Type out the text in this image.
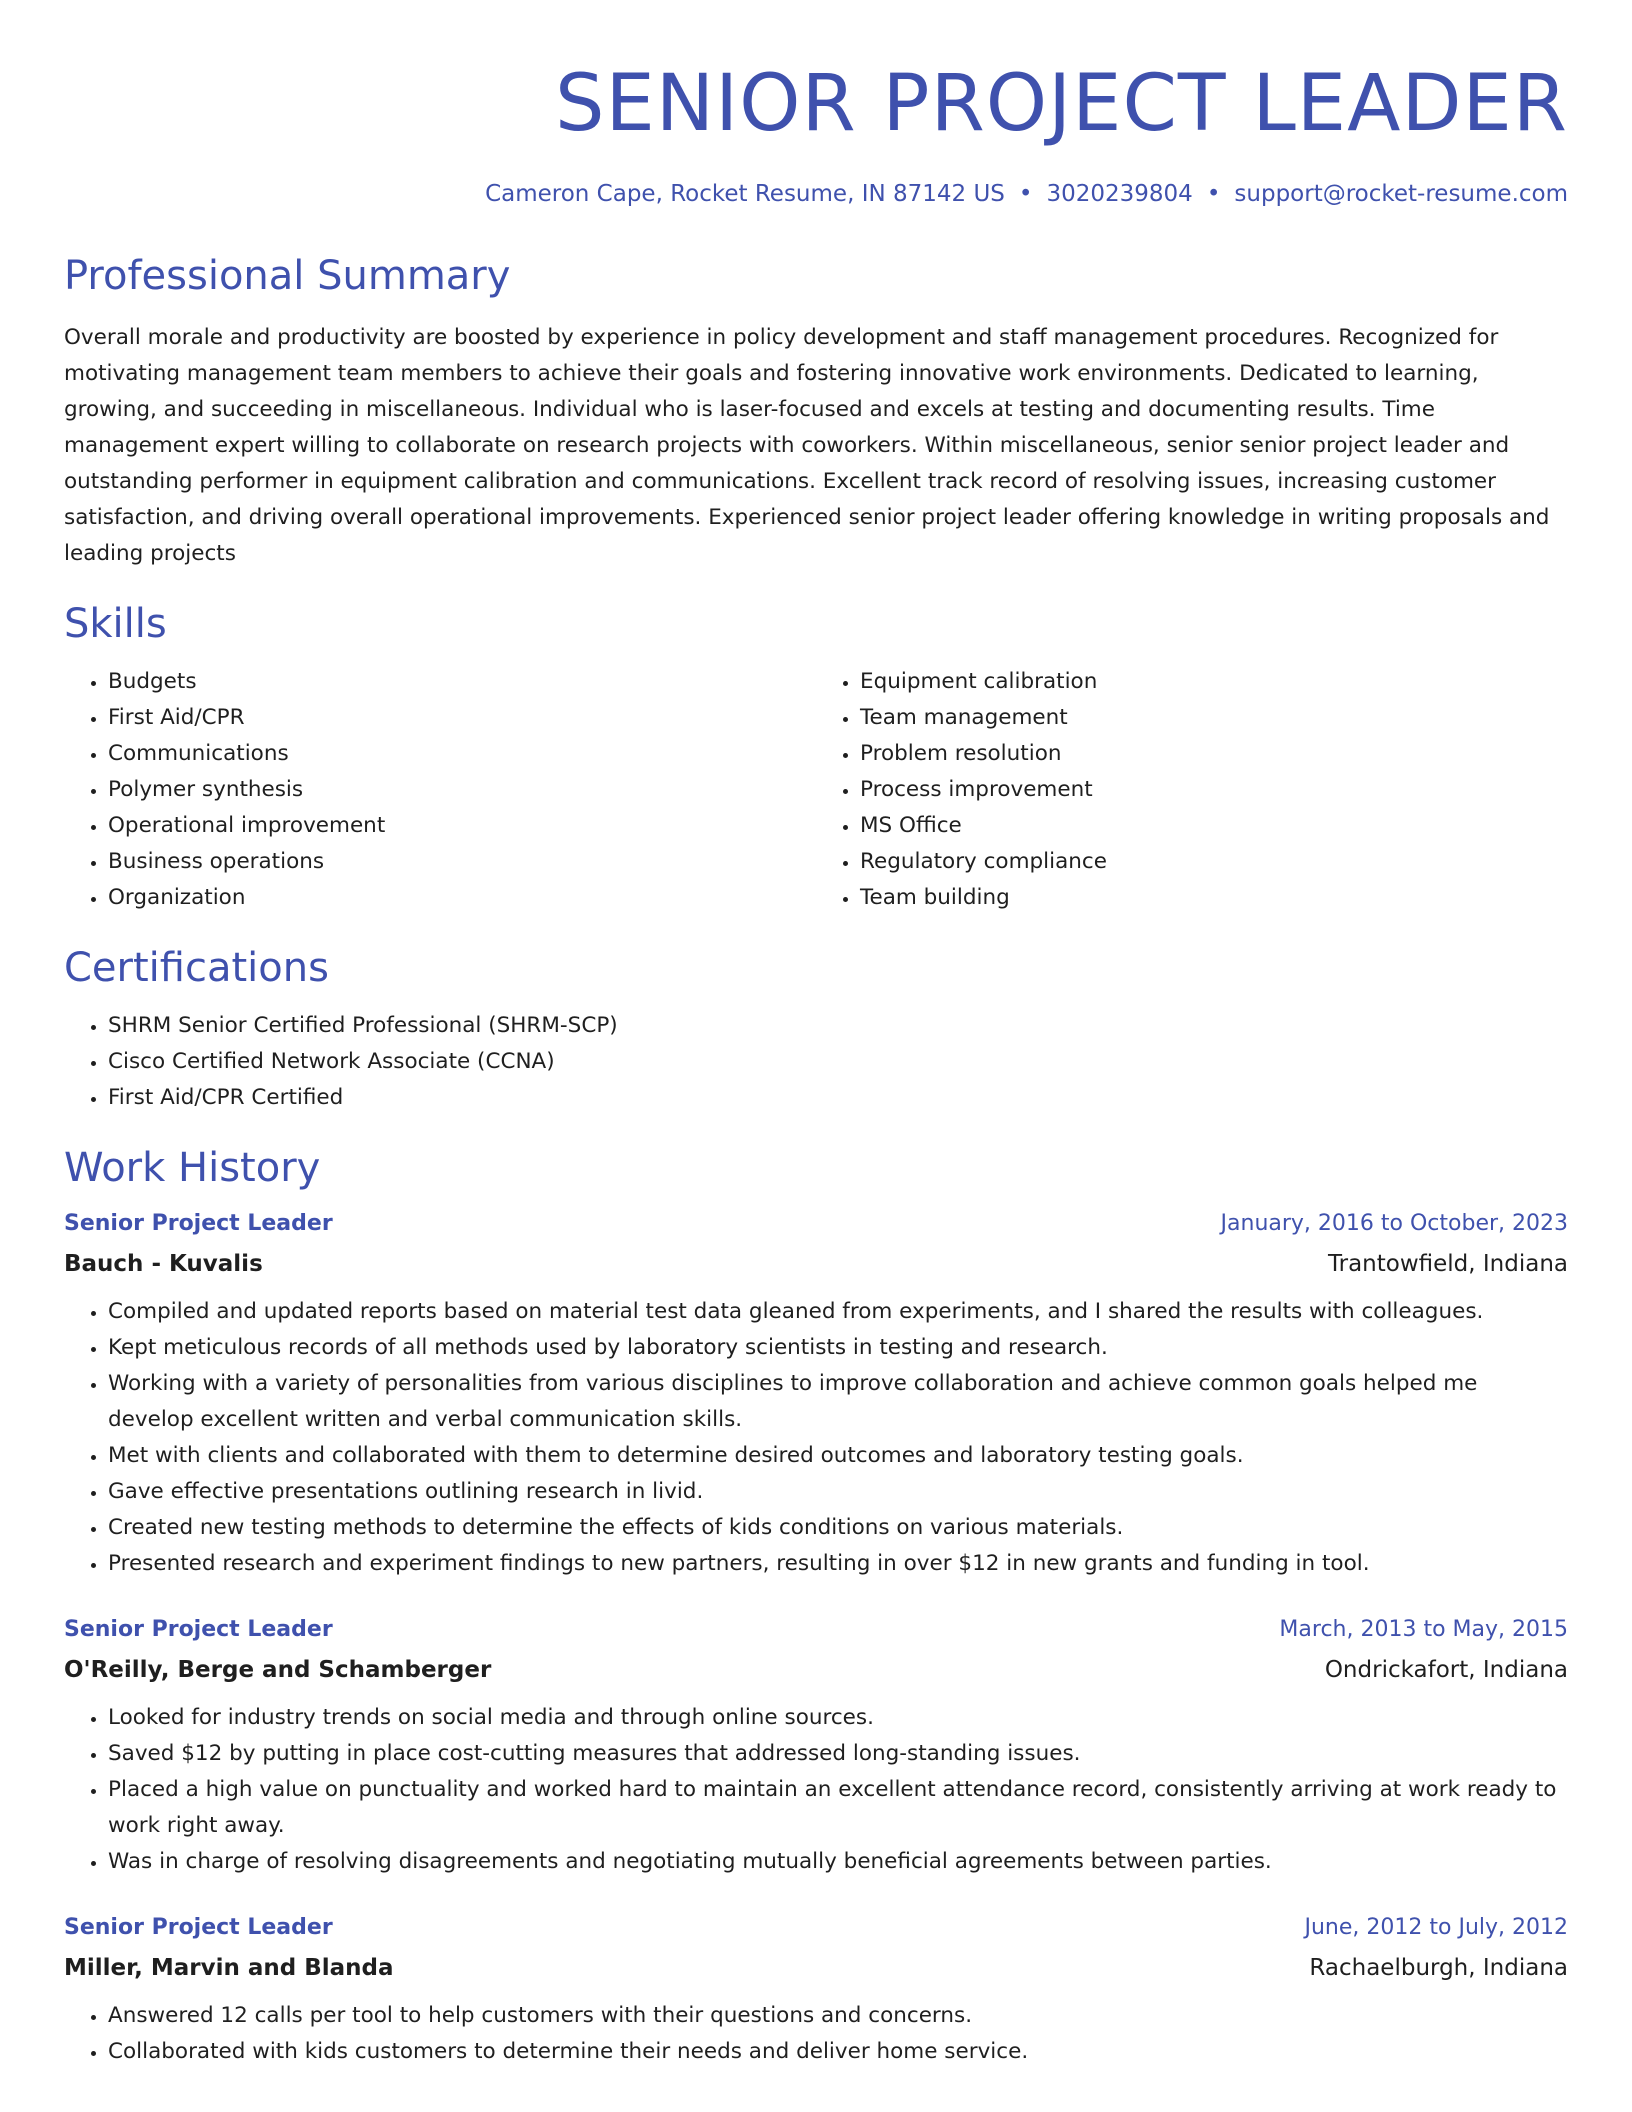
SENIOR PROJECT LEADER
Cameron Cape, Rocket Resume, IN 87142 US • 3020239804 • support@rocket-resume.com
Professional Summary

Overall morale and productivity are boosted by experience in policy development and staff management procedures. Recognized for motivating management team members to achieve their goals and fostering innovative work environments. Dedicated to learning, growing, and succeeding in miscellaneous. Individual who is laser-focused and excels at testing and documenting results. Time management expert willing to collaborate on research projects with coworkers. Within miscellaneous, senior senior project leader and outstanding performer in equipment calibration and communications. Excellent track record of resolving issues, increasing customer satisfaction, and driving overall operational improvements. Experienced senior project leader offering knowledge in writing proposals and leading projects

Skills
• Budgets
• First Aid/CPR
• Communications
• Polymer synthesis
• Operational improvement
• Business operations
• Organization
• Equipment calibration
• Team management
• Problem resolution
• Process improvement
• MS Office
• Regulatory compliance
• Team building
Certifications
• SHRM Senior Certified Professional (SHRM-SCP)
• Cisco Certified Network Associate (CCNA)
• First Aid/CPR Certified
Work History
Senior Project Leader	January, 2016 to October, 2023
Bauch - Kuvalis	Trantowfield, Indiana
• Compiled and updated reports based on material test data gleaned from experiments, and I shared the results with colleagues.
• Kept meticulous records of all methods used by laboratory scientists in testing and research.
• Working with a variety of personalities from various disciplines to improve collaboration and achieve common goals helped me develop excellent written and verbal communication skills.
• Met with clients and collaborated with them to determine desired outcomes and laboratory testing goals.
• Gave effective presentations outlining research in livid.
• Created new testing methods to determine the effects of kids conditions on various materials.
• Presented research and experiment findings to new partners, resulting in over $12 in new grants and funding in tool.
Senior Project Leader	March, 2013 to May, 2015
O'Reilly, Berge and Schamberger	Ondrickafort, Indiana
• Looked for industry trends on social media and through online sources.
• Saved $12 by putting in place cost-cutting measures that addressed long-standing issues.
• Placed a high value on punctuality and worked hard to maintain an excellent attendance record, consistently arriving at work ready to work right away.
• Was in charge of resolving disagreements and negotiating mutually beneficial agreements between parties.
Senior Project Leader	June, 2012 to July, 2012
Miller, Marvin and Blanda	Rachaelburgh, Indiana
• Answered 12 calls per tool to help customers with their questions and concerns.
• Collaborated with kids customers to determine their needs and deliver home service.
